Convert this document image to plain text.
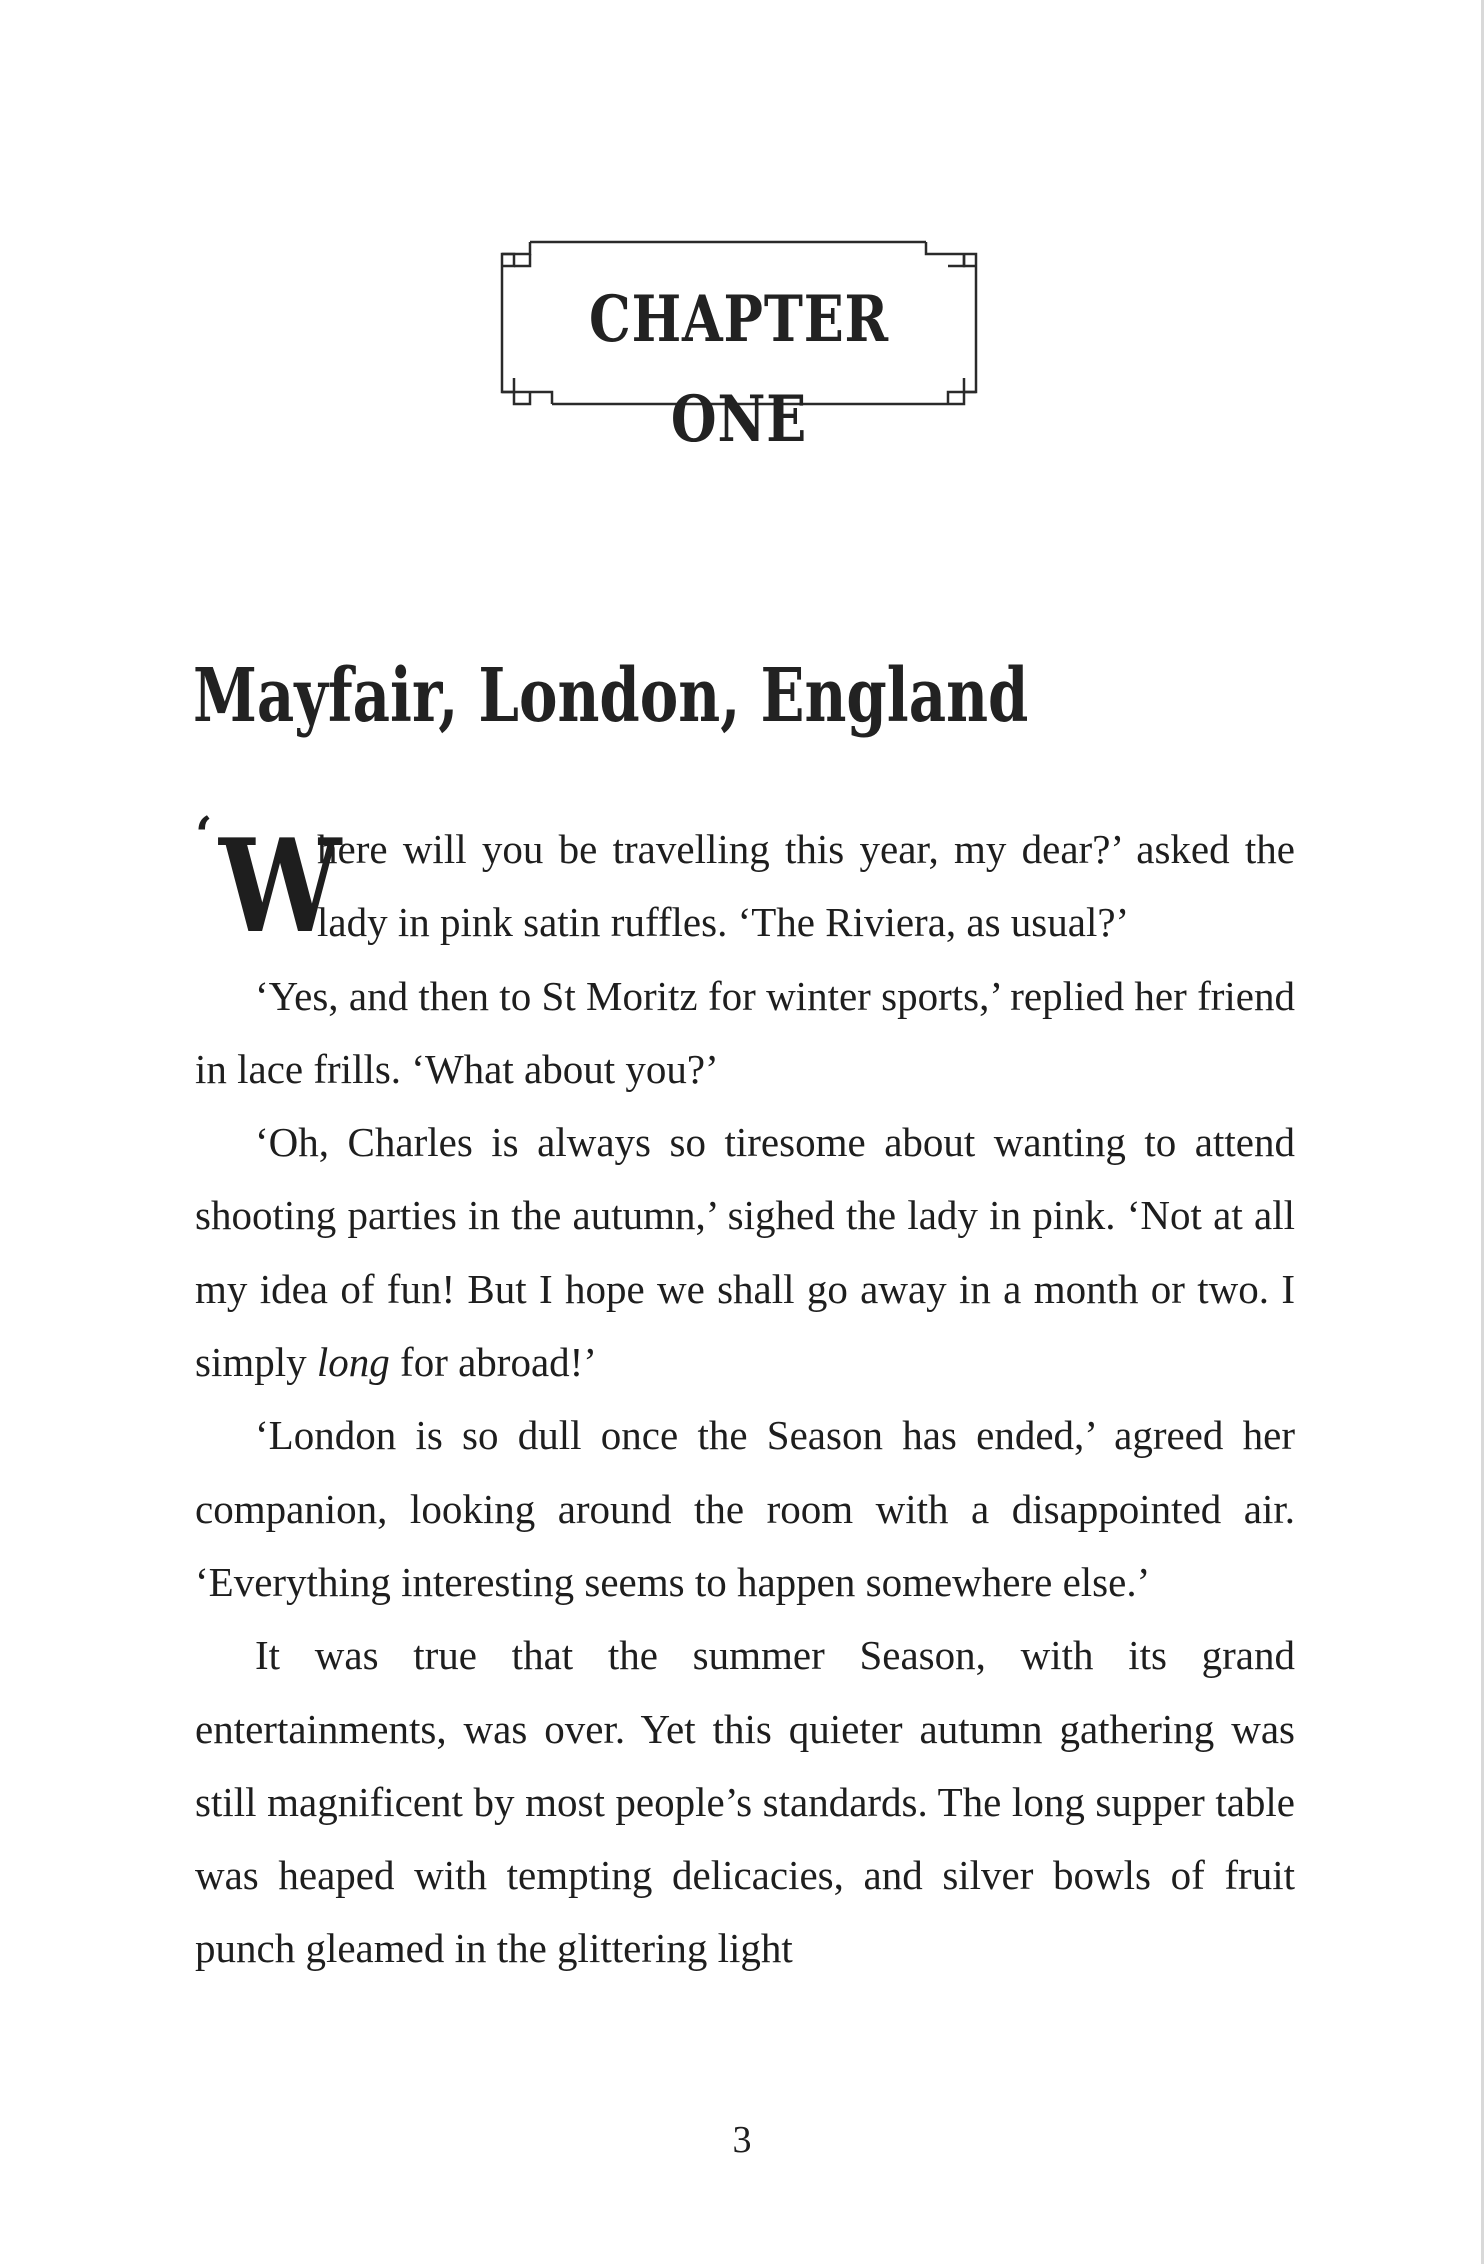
CHAPTER ONE
Mayfair, London, England

‘ W
here will you be travelling this year, my dear?’ asked the lady in pink satin ruffles. ‘The Riviera, as usual?’

‘Yes, and then to St Moritz for winter sports,’ replied her friend in lace frills. ‘What about you?’

‘Oh, Charles is always so tiresome about wanting to attend shooting parties in the autumn,’ sighed the lady in pink. ‘Not at all my idea of fun! But I hope we shall go away in a month or two. I simply long for abroad!’

‘London is so dull once the Season has ended,’ agreed her companion, looking around the room with a disappointed air. ‘Everything interesting seems to happen somewhere else.’

It was true that the summer Season, with its grand entertainments, was over. Yet this quieter autumn gathering was still magnificent by most people’s standards. The long supper table was heaped with tempting delicacies, and silver bowls of fruit punch gleamed in the glittering light

3
